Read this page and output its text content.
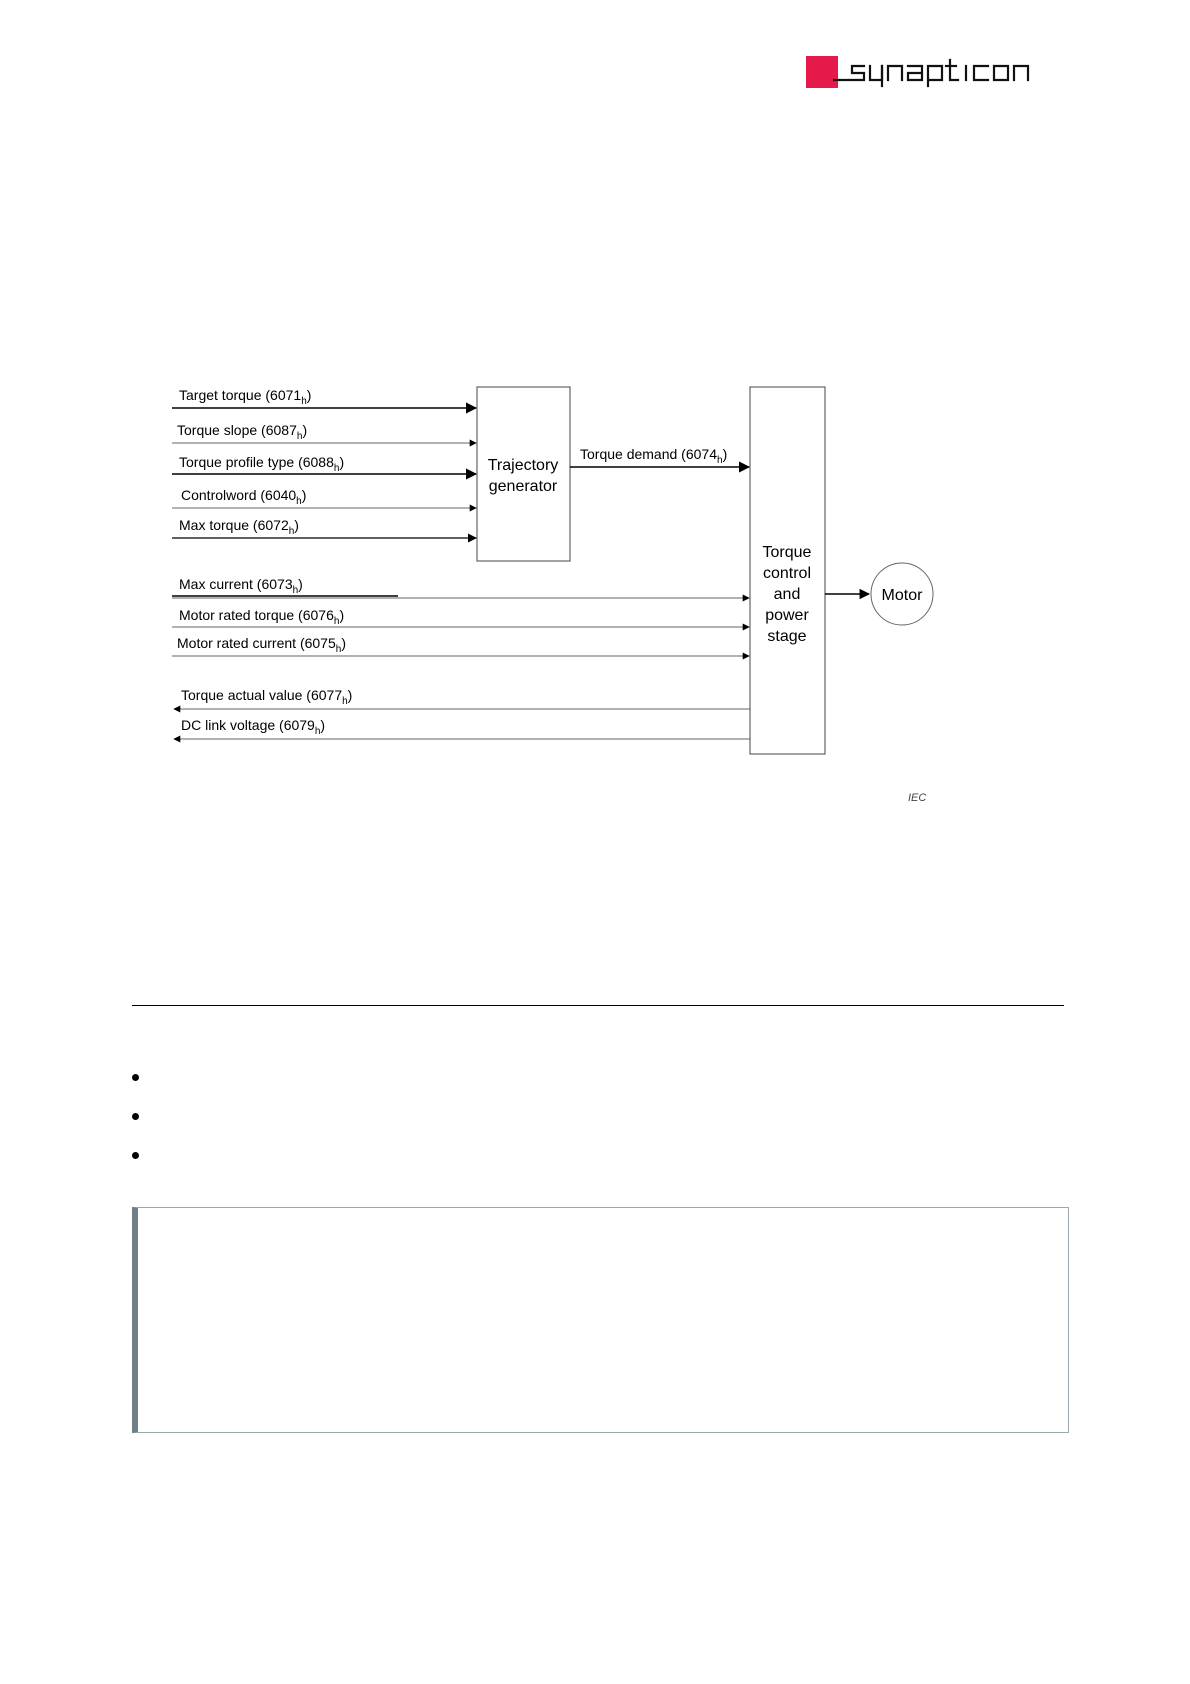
Trajectory
generator
Torque
control
and
power
stage
Motor
Target torque $(6071_h)$
Torque slope $(6087_h)$
Torque profile type $(6088_h)$
Controlword $(6040_h)$
Max torque $(6072_h)$
Torque demand $(6074_h)$
Max current $(6073_h)$
Motor rated torque $(6076_h)$
Motor rated current $(6075_h)$
Torque actual value $(6077_h)$
DC link voltage $(6079_h)$
IEC
